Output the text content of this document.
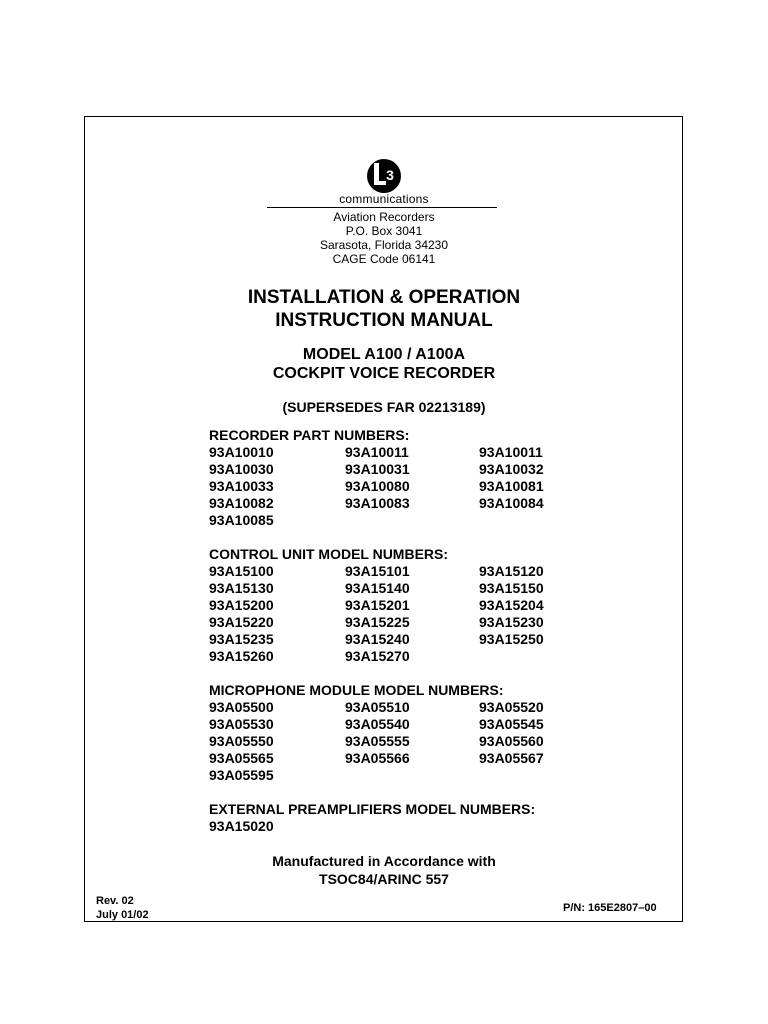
3
communications
Aviation Recorders
P.O. Box 3041
Sarasota, Florida 34230
CAGE Code 06141
INSTALLATION & OPERATION
INSTRUCTION MANUAL
MODEL A100 / A100A
COCKPIT VOICE RECORDER
(SUPERSEDES FAR 02213189)
RECORDER PART NUMBERS:
93A10010	93A10011	93A10011
93A10030	93A10031	93A10032
93A10033	93A10080	93A10081
93A10082	93A10083	93A10084
93A10085
CONTROL UNIT MODEL NUMBERS:
93A15100	93A15101	93A15120
93A15130	93A15140	93A15150
93A15200	93A15201	93A15204
93A15220	93A15225	93A15230
93A15235	93A15240	93A15250
93A15260	93A15270
MICROPHONE MODULE MODEL NUMBERS:
93A05500	93A05510	93A05520
93A05530	93A05540	93A05545
93A05550	93A05555	93A05560
93A05565	93A05566	93A05567
93A05595
EXTERNAL PREAMPLIFIERS MODEL NUMBERS:
93A15020
Manufactured in Accordance with
TSOC84/ARINC 557
Rev. 02
July 01/02
P/N: 165E2807–00
